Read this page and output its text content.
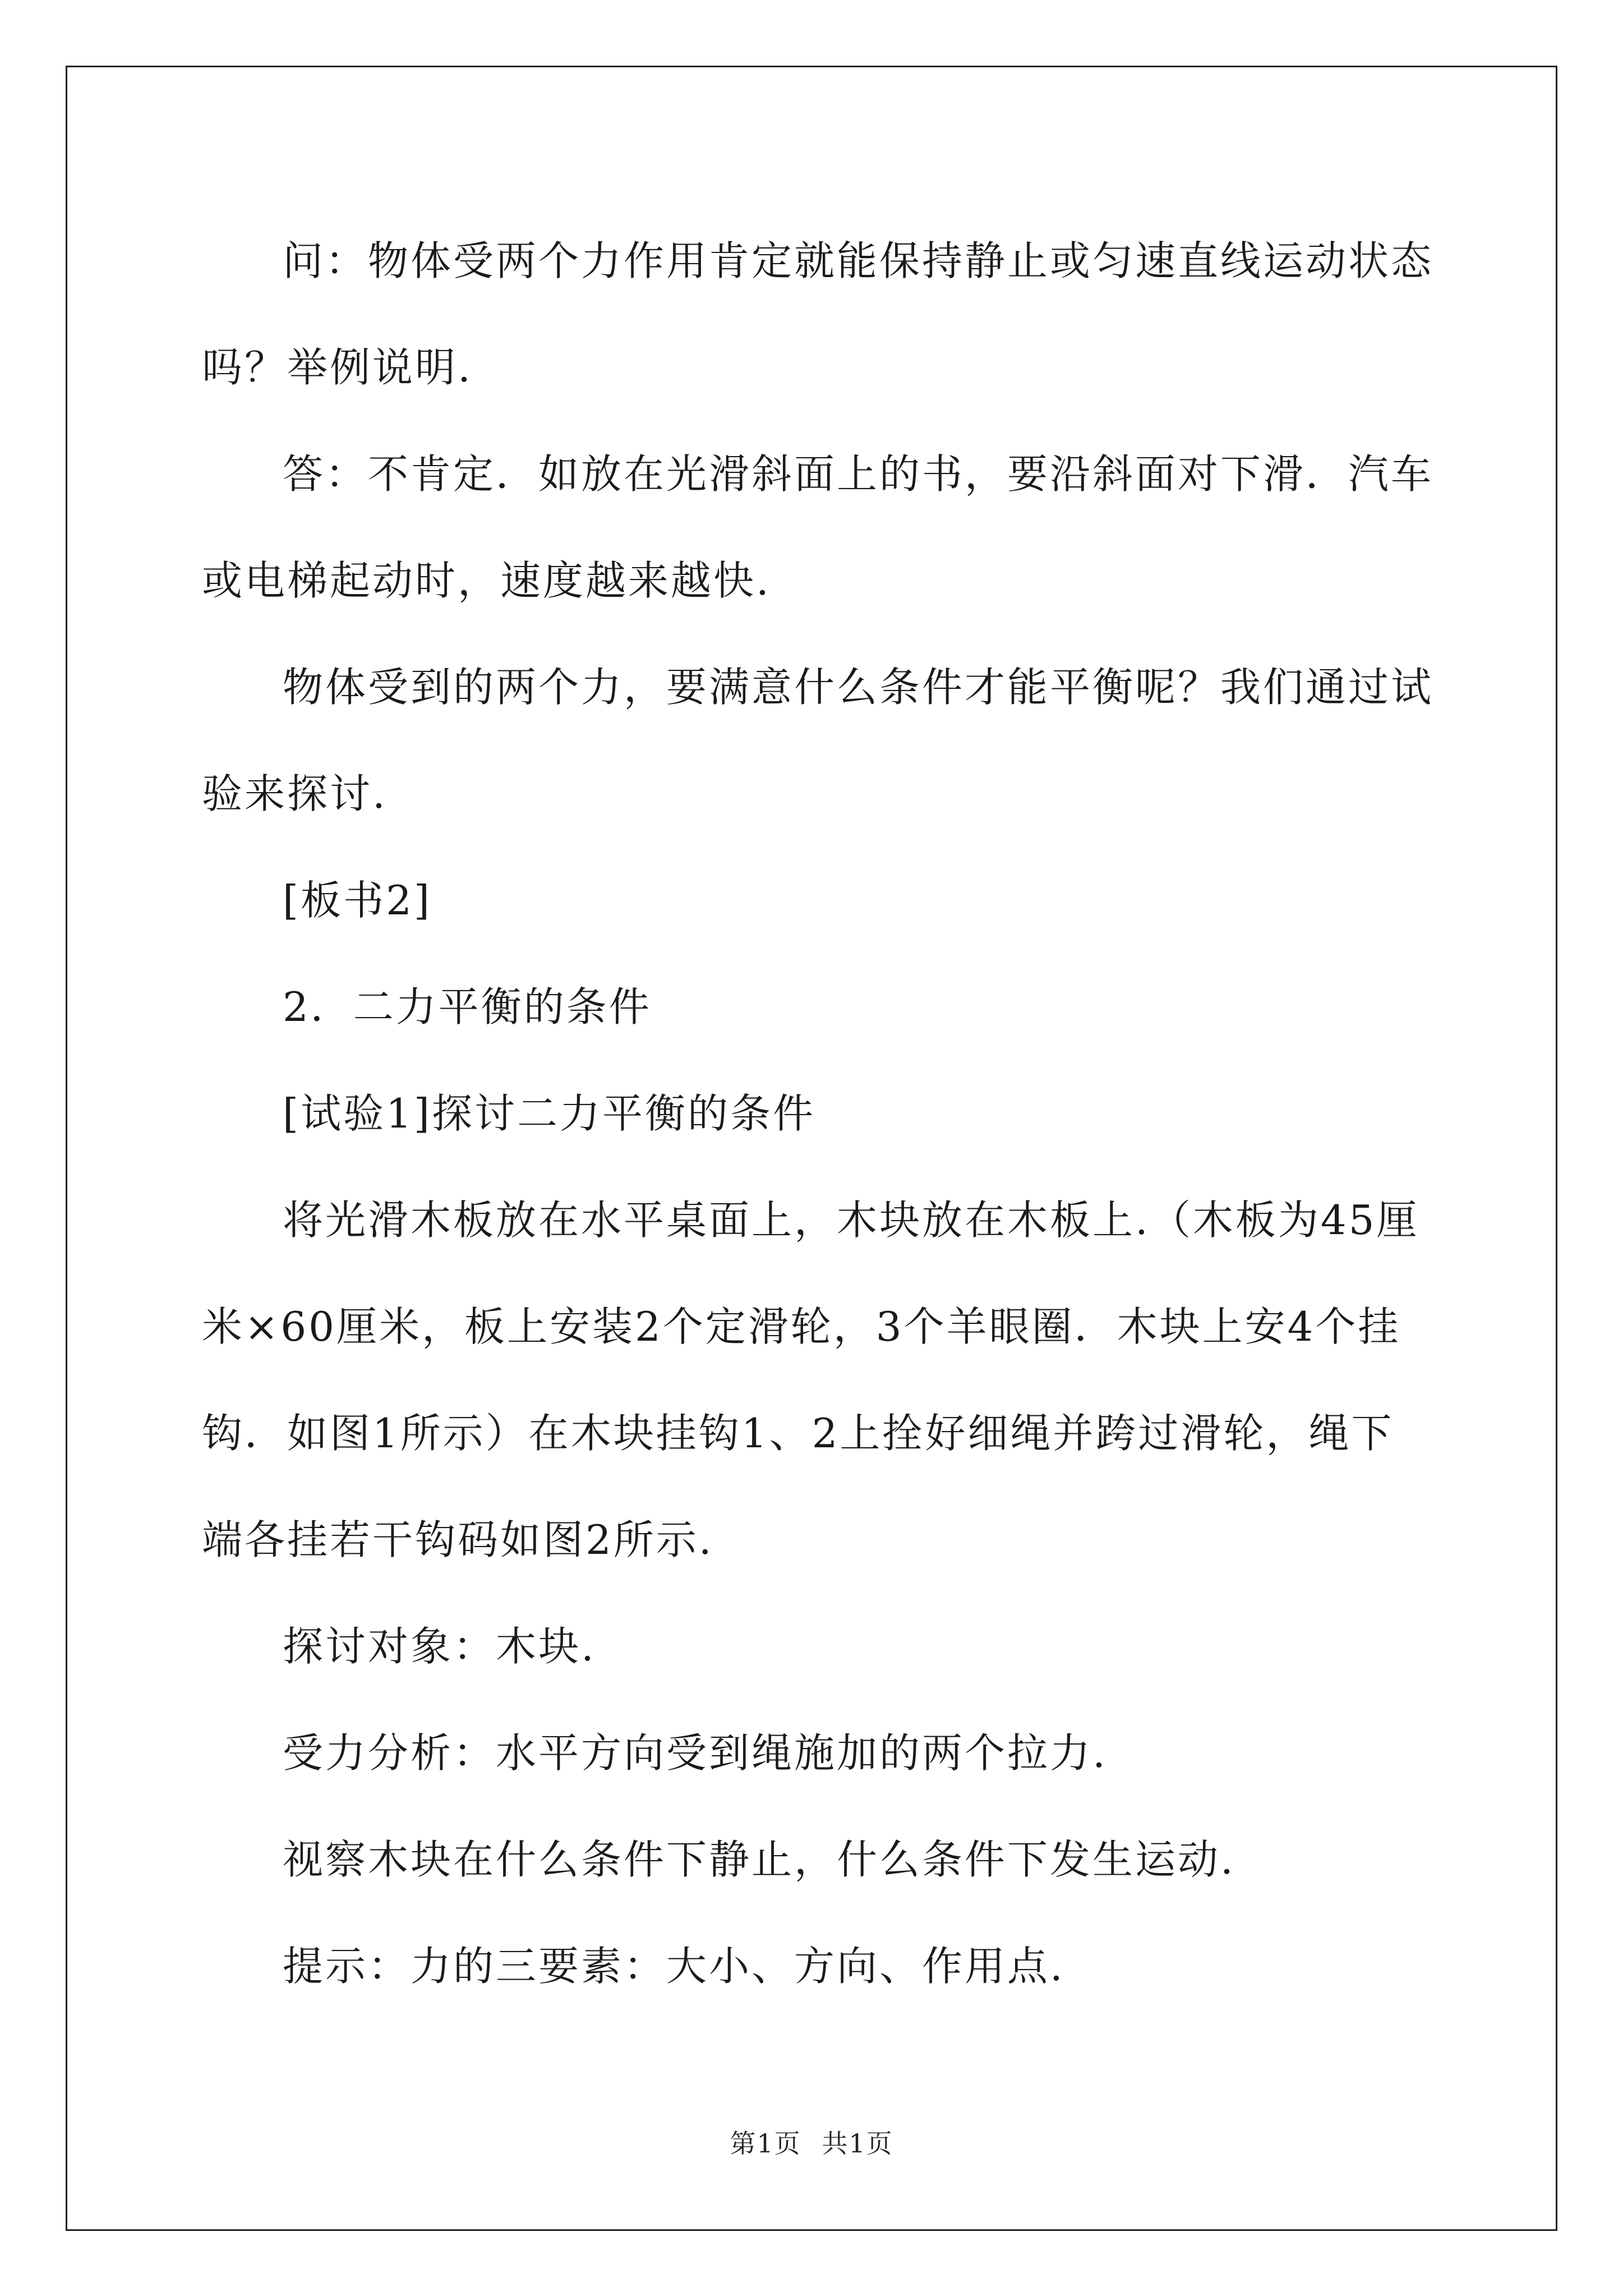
问：物体受两个力作用肯定就能保持静止或匀速直线运动状态吗？举例说明.

答：不肯定．如放在光滑斜面上的书，要沿斜面对下滑．汽车或电梯起动时，速度越来越快.

物体受到的两个力，要满意什么条件才能平衡呢？我们通过试验来探讨.

[板书2]

2．二力平衡的条件

[试验1]探讨二力平衡的条件

将光滑木板放在水平桌面上，木块放在木板上.（木板为45厘米×60厘米，板上安装2个定滑轮，3个羊眼圈．木块上安4个挂钩．如图1所示）在木块挂钩1、2上拴好细绳并跨过滑轮，绳下端各挂若干钩码如图2所示.

探讨对象：木块.

受力分析：水平方向受到绳施加的两个拉力.

视察木块在什么条件下静止，什么条件下发生运动.

提示：力的三要素：大小、方向、作用点.

第1页 共1页
